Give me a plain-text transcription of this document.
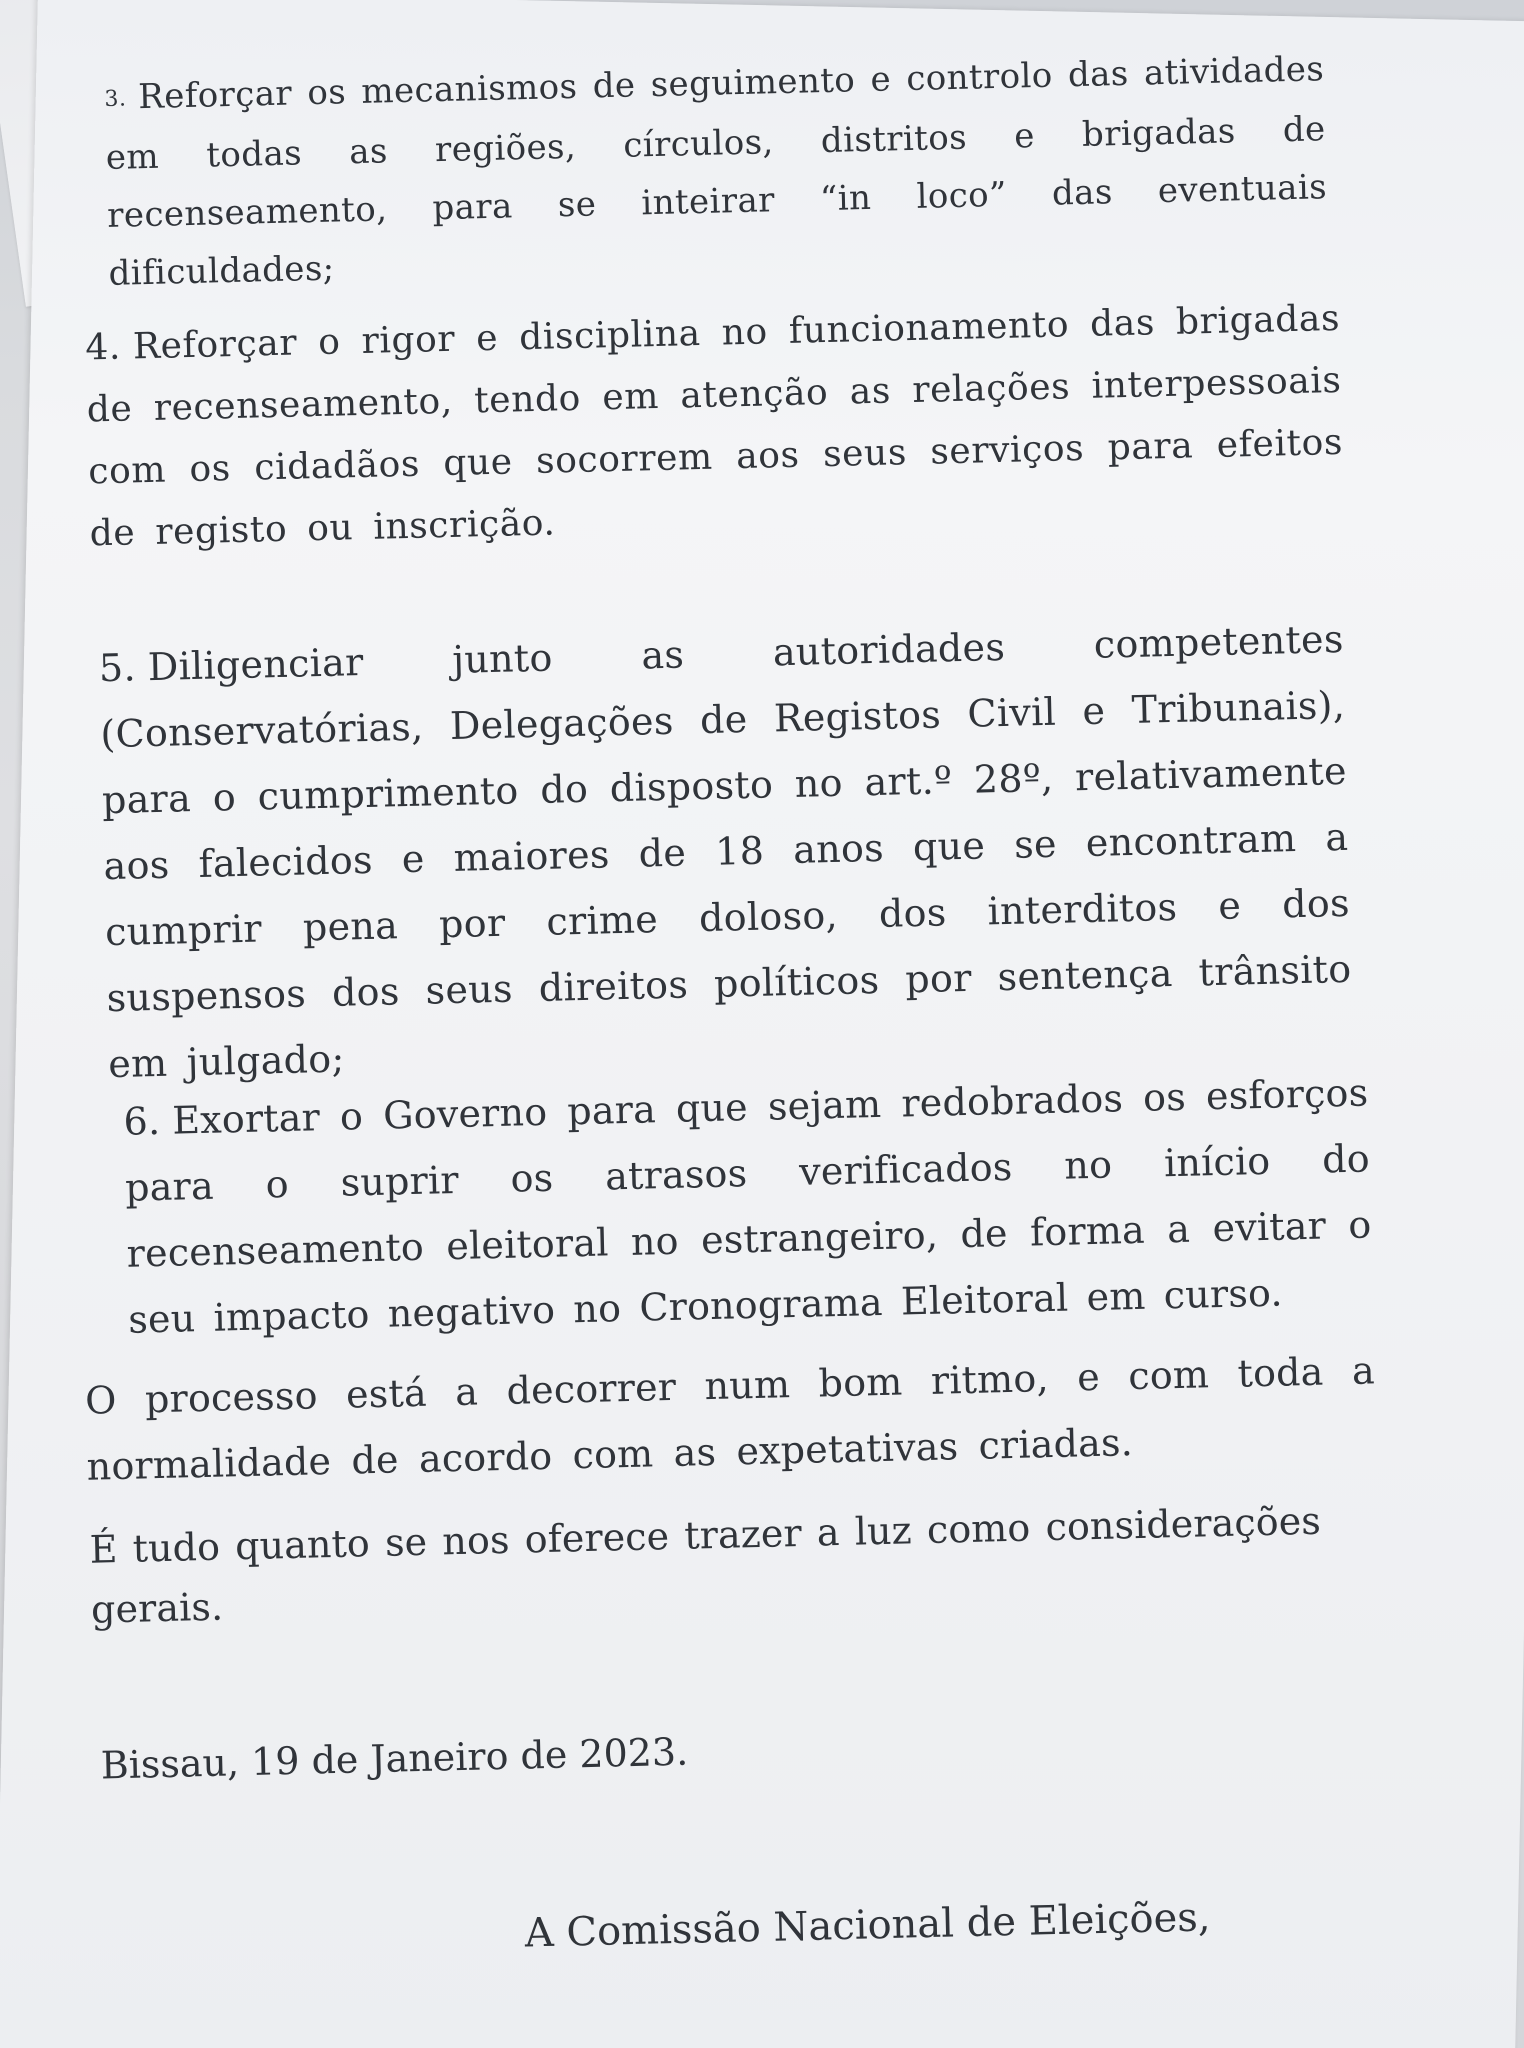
3. Reforçar os mecanismos de seguimento e controlo das atividades em todas as regiões, círculos, distritos e brigadas de recenseamento, para se inteirar “in loco” das eventuais dificuldades;

4. Reforçar o rigor e disciplina no funcionamento das brigadas de recenseamento, tendo em atenção as relações interpessoais com os cidadãos que socorrem aos seus serviços para efeitos de registo ou inscrição.

5. Diligenciar junto as autoridades competentes (Conservatórias, Delegações de Registos Civil e Tribunais), para o cumprimento do disposto no art.º 28º, relativamente aos falecidos e maiores de 18 anos que se encontram a cumprir pena por crime doloso, dos interditos e dos suspensos dos seus direitos políticos por sentença trânsito em julgado;

6. Exortar o Governo para que sejam redobrados os esforços para o suprir os atrasos verificados no início do recenseamento eleitoral no estrangeiro, de forma a evitar o seu impacto negativo no Cronograma Eleitoral em curso.

O processo está a decorrer num bom ritmo, e com toda a normalidade de acordo com as expetativas criadas.

É tudo quanto se nos oferece trazer a luz como considerações gerais.

Bissau, 19 de Janeiro de 2023.

A Comissão Nacional de Eleições,
